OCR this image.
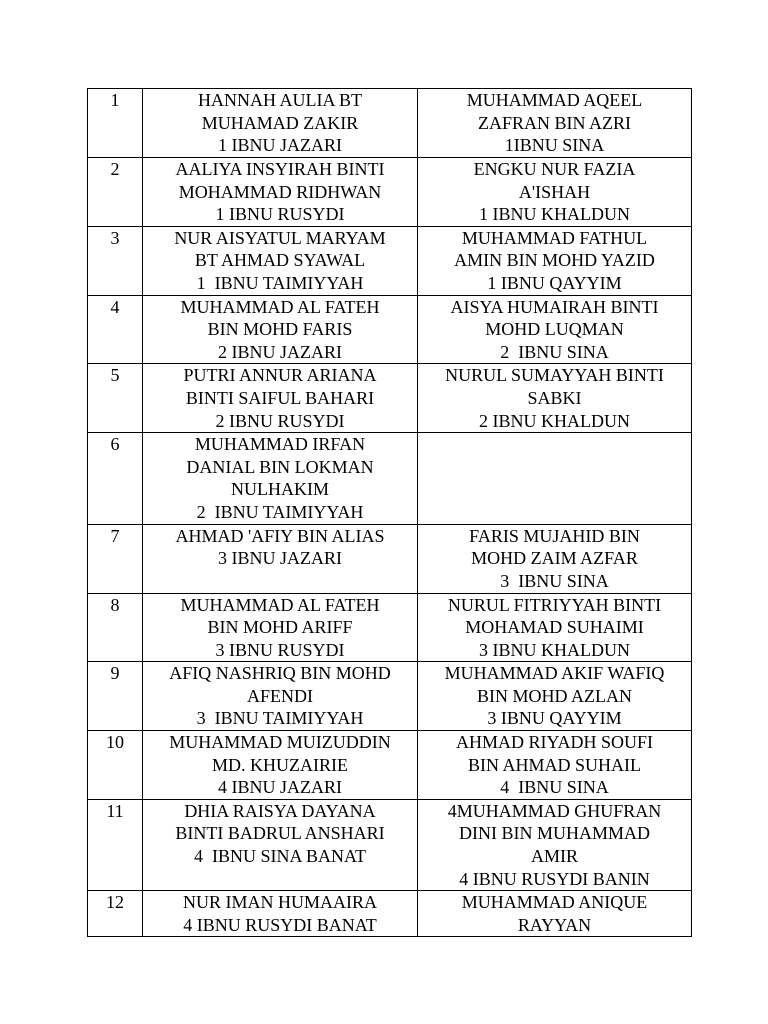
1	HANNAH AULIA BT
MUHAMAD ZAKIR
1 IBNU JAZARI	MUHAMMAD AQEEL
ZAFRAN BIN AZRI
1IBNU SINA

2	AALIYA INSYIRAH BINTI
MOHAMMAD RIDHWAN
1 IBNU RUSYDI	ENGKU NUR FAZIA
A'ISHAH
1 IBNU KHALDUN

3	NUR AISYATUL MARYAM
BT AHMAD SYAWAL
1  IBNU TAIMIYYAH	MUHAMMAD FATHUL
AMIN BIN MOHD YAZID
1 IBNU QAYYIM

4	MUHAMMAD AL FATEH
BIN MOHD FARIS
2 IBNU JAZARI	AISYA HUMAIRAH BINTI
MOHD LUQMAN
2  IBNU SINA

5	PUTRI ANNUR ARIANA
BINTI SAIFUL BAHARI
2 IBNU RUSYDI	NURUL SUMAYYAH BINTI
SABKI
2 IBNU KHALDUN

6	MUHAMMAD IRFAN
DANIAL BIN LOKMAN
NULHAKIM
2  IBNU TAIMIYYAH	

7	AHMAD 'AFIY BIN ALIAS
3 IBNU JAZARI	FARIS MUJAHID BIN
MOHD ZAIM AZFAR
3  IBNU SINA

8	MUHAMMAD AL FATEH
BIN MOHD ARIFF
3 IBNU RUSYDI	NURUL FITRIYYAH BINTI
MOHAMAD SUHAIMI
3 IBNU KHALDUN

9	AFIQ NASHRIQ BIN MOHD
AFENDI
3  IBNU TAIMIYYAH	MUHAMMAD AKIF WAFIQ
BIN MOHD AZLAN
3 IBNU QAYYIM

10	MUHAMMAD MUIZUDDIN
MD. KHUZAIRIE
4 IBNU JAZARI	AHMAD RIYADH SOUFI
BIN AHMAD SUHAIL
4  IBNU SINA

11	DHIA RAISYA DAYANA
BINTI BADRUL ANSHARI
4  IBNU SINA BANAT	4MUHAMMAD GHUFRAN
DINI BIN MUHAMMAD
AMIR
4 IBNU RUSYDI BANIN

12	NUR IMAN HUMAAIRA
4 IBNU RUSYDI BANAT	MUHAMMAD ANIQUE
RAYYAN
